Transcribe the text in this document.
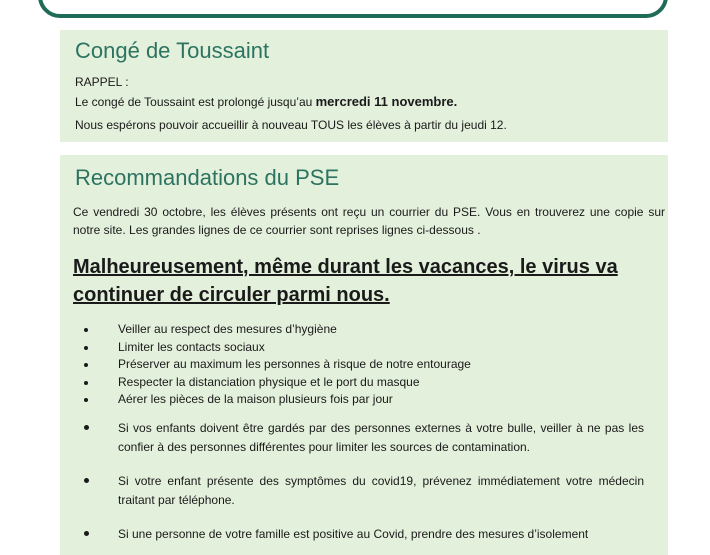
Congé de Toussaint

RAPPEL :

Le congé de Toussaint est prolongé jusqu’au mercredi 11 novembre.

Nous espérons pouvoir accueillir à nouveau TOUS les élèves à partir du jeudi 12.

Recommandations du PSE

Ce vendredi 30 octobre, les élèves présents ont reçu un courrier du PSE. Vous en trouverez une copie sur notre site. Les grandes lignes de ce courrier sont reprises lignes ci-dessous .

Malheureusement, même durant les vacances, le virus va
continuer de circuler parmi nous.
Veiller au respect des mesures d’hygiène
Limiter les contacts sociaux
Préserver au maximum les personnes à risque de notre entourage
Respecter la distanciation physique et le port du masque
Aérer les pièces de la maison plusieurs fois par jour

Si vos enfants doivent être gardés par des personnes externes à votre bulle, veiller à ne pas les confier à des personnes différentes pour limiter les sources de contamination.

Si votre enfant présente des symptômes du covid19, prévenez immédiatement votre médecin traitant par téléphone.

Si une personne de votre famille est positive au Covid, prendre des mesures d’isolement
